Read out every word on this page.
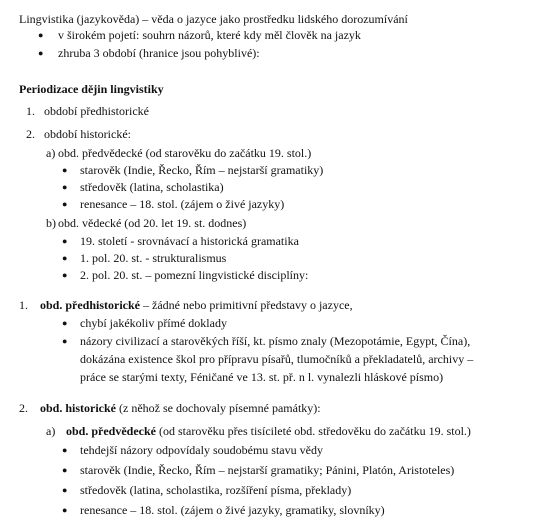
Lingvistika (jazykověda) – věda o jazyce jako prostředku lidského dorozumívání
● v širokém pojetí: souhrn názorů, které kdy měl člověk na jazyk
● zhruba 3 období (hranice jsou pohyblivé):
Periodizace dějin lingvistiky
1. období předhistorické
2. období historické:
a) obd. předvědecké (od starověku do začátku 19. stol.)
● starověk (Indie, Řecko, Řím – nejstarší gramatiky)
● středověk (latina, scholastika)
● renesance – 18. stol. (zájem o živé jazyky)
b) obd. vědecké (od 20. let 19. st. dodnes)
● 19. století - srovnávací a historická gramatika
● 1. pol. 20. st. - strukturalismus
● 2. pol. 20. st. – pomezní lingvistické disciplíny:
1. obd. předhistorické – žádné nebo primitivní představy o jazyce,
● chybí jakékoliv přímé doklady
● názory civilizací a starověkých říší, kt. písmo znaly (Mezopotámie, Egypt, Čína),
dokázána existence škol pro přípravu písařů, tlumočníků a překladatelů, archivy –
práce se starými texty, Féničané ve 13. st. př. n l. vynalezli hláskové písmo)
2. obd. historické (z něhož se dochovaly písemné památky):
a) obd. předvědecké (od starověku přes tisícileté obd. středověku do začátku 19. stol.)
● tehdejší názory odpovídaly soudobému stavu vědy
● starověk (Indie, Řecko, Řím – nejstarší gramatiky; Pánini, Platón, Aristoteles)
● středověk (latina, scholastika, rozšíření písma, překlady)
● renesance – 18. stol. (zájem o živé jazyky, gramatiky, slovníky)
